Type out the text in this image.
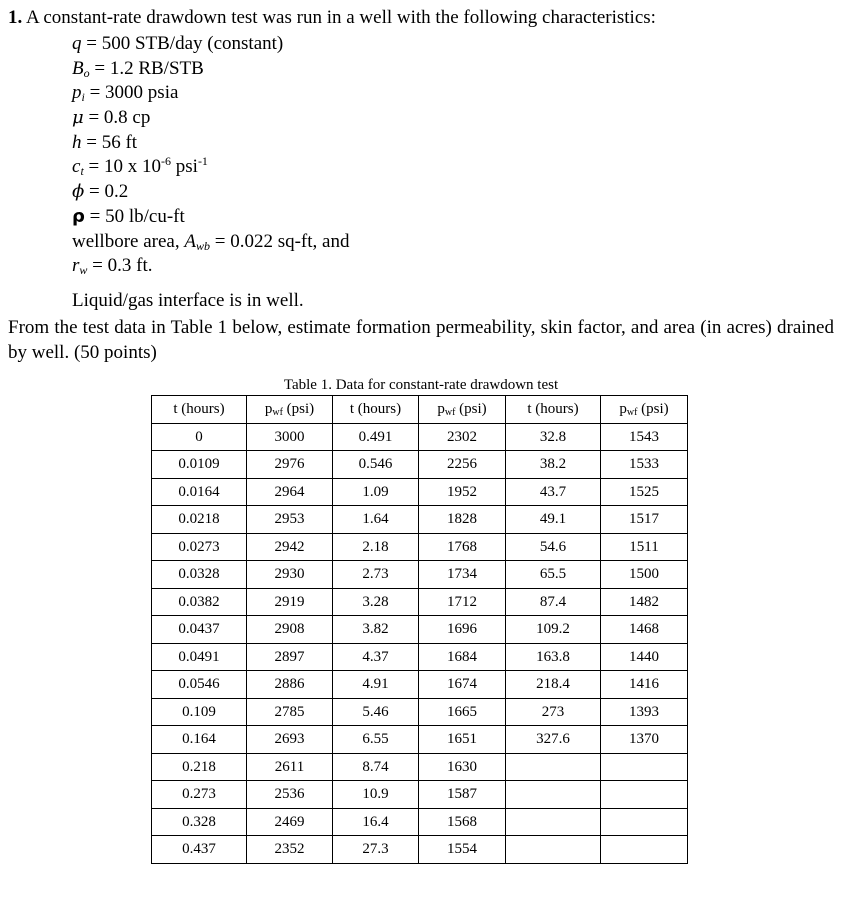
1. A constant-rate drawdown test was run in a well with the following characteristics:
q = 500 STB/day (constant)
$B_o = 1.2$ RB/STB
$p_i = 3000$ psia
μ = 0.8 cp
h = 56 ft
$c_t = 10$ x $10^{-6}$ psi$^{-1}$
ϕ = 0.2
ρ = 50 lb/cu-ft
wellbore area, $A_{wb} = 0.022$ sq-ft, and
$r_w = 0.3$ ft.
Liquid/gas interface is in well.
From the test data in Table 1 below, estimate formation permeability, skin factor, and area (in acres) drained by well. (50 points)
Table 1. Data for constant-rate drawdown test
t (hours)	$p_{wf}$ (psi)	t (hours)	$p_{wf}$ (psi)	t (hours)	$p_{wf}$ (psi)
0	3000	0.491	2302	32.8	1543
0.0109	2976	0.546	2256	38.2	1533
0.0164	2964	1.09	1952	43.7	1525
0.0218	2953	1.64	1828	49.1	1517
0.0273	2942	2.18	1768	54.6	1511
0.0328	2930	2.73	1734	65.5	1500
0.0382	2919	3.28	1712	87.4	1482
0.0437	2908	3.82	1696	109.2	1468
0.0491	2897	4.37	1684	163.8	1440
0.0546	2886	4.91	1674	218.4	1416
0.109	2785	5.46	1665	273	1393
0.164	2693	6.55	1651	327.6	1370
0.218	2611	8.74	1630		
0.273	2536	10.9	1587		
0.328	2469	16.4	1568		
0.437	2352	27.3	1554		
